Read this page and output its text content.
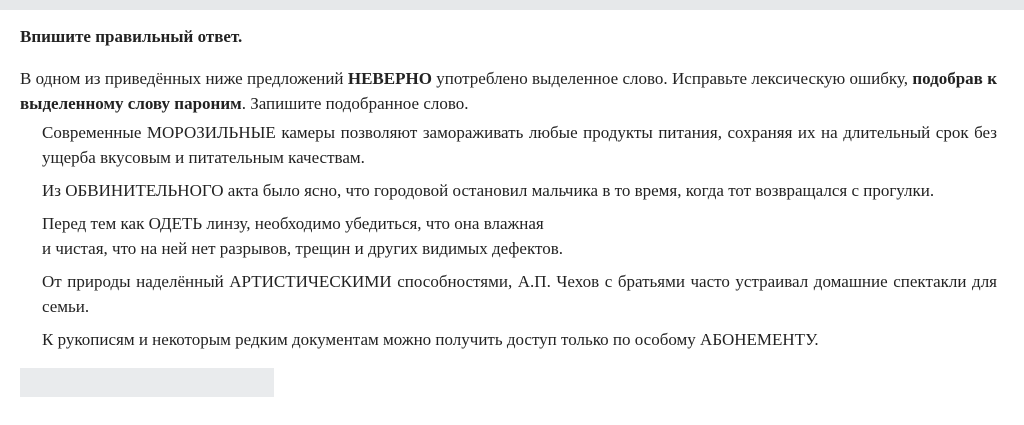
Впишите правильный ответ.
В одном из приведённых ниже предложений НЕВЕРНО употреблено выделенное слово. Исправьте лексическую ошибку, подобрав к выделенному слову пароним. Запишите подобранное слово.
Современные МОРОЗИЛЬНЫЕ камеры позволяют замораживать любые продукты питания, сохраняя их на длительный срок без ущерба вкусовым и питательным качествам.
Из ОБВИНИТЕЛЬНОГО акта было ясно, что городовой остановил мальчика в то время, когда тот возвращался с прогулки.
Перед тем как ОДЕТЬ линзу, необходимо убедиться, что она влажная
и чистая, что на ней нет разрывов, трещин и других видимых дефектов.
От природы наделённый АРТИСТИЧЕСКИМИ способностями, А.П. Чехов с братьями часто устраивал домашние спектакли для семьи.
К рукописям и некоторым редким документам можно получить доступ только по особому АБОНЕМЕНТУ.
